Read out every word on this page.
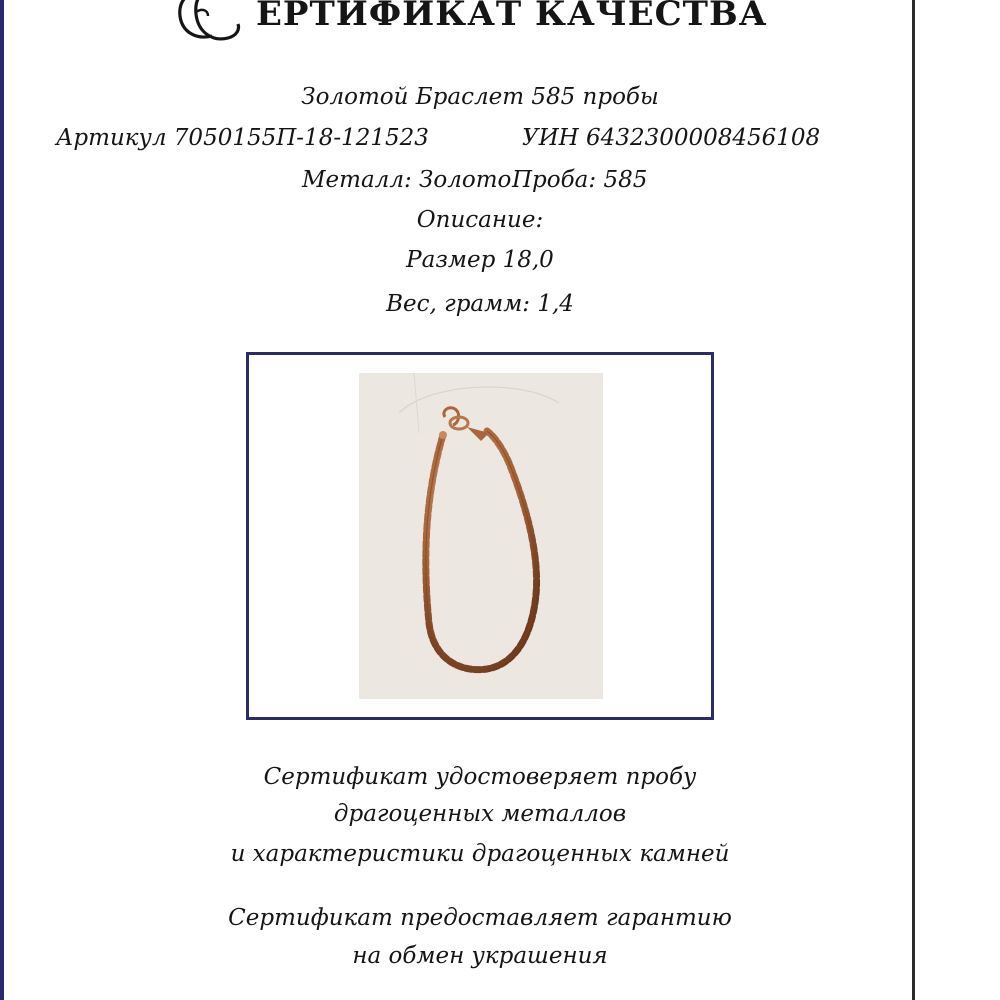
ЕРТИФИКАТ КАЧЕСТВА
Золотой Браслет 585 пробы
Артикул 7050155П-18-121523	УИН 6432300008456108
Металл: Золото Проба: 585
Описание:
Размер 18,0
Вес, грамм: 1,4
Сертификат удостоверяет пробу
драгоценных металлов
и характеристики драгоценных камней
Сертификат предоставляет гарантию
на обмен украшения
